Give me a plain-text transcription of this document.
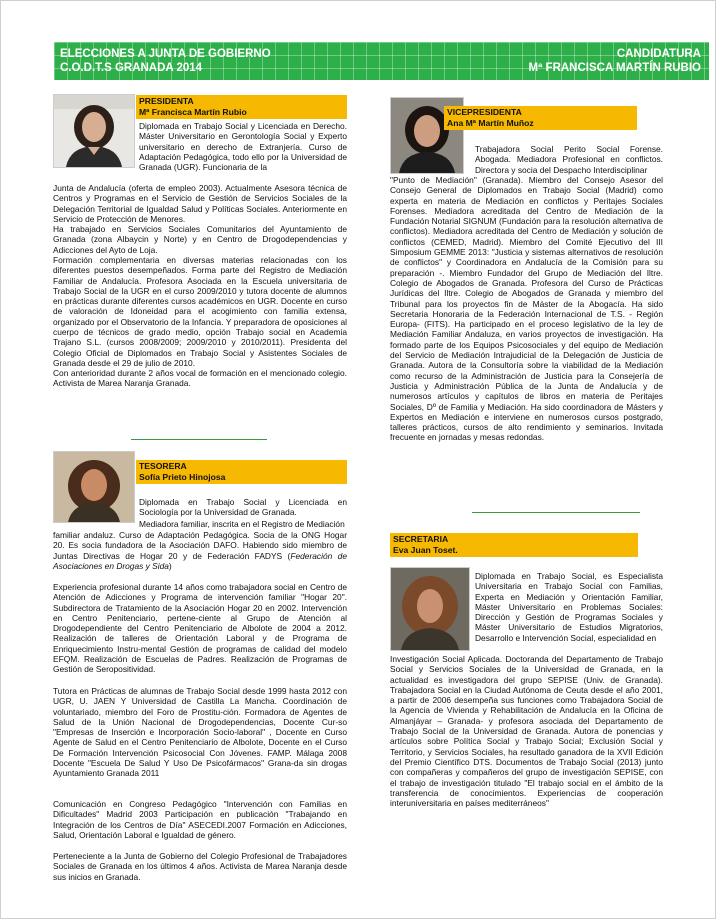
ELECCIONES A JUNTA DE GOBIERNO
C.O.D.T.S GRANADA 2014
CANDIDATURA
Mª FRANCISCA MARTÍN RUBIO
PRESIDENTA
Mª Francisca Martín Rubio

Diplomada en Trabajo Social y Licenciada en Derecho. Máster Universitario en Gerontología Social y Experto universitario en derecho de Extranjería. Curso de Adaptación Pedagógica, todo ello por la Universidad de Granada (UGR). Funcionaria de la

Junta de Andalucía (oferta de empleo 2003). Actualmente Asesora técnica de Centros y Programas en el Servicio de Gestión de Servicios Sociales de la Delegación Territorial de Igualdad Salud y Políticas Sociales. Anteriormente en Servicio de Protección de Menores.

Ha trabajado en Servicios Sociales Comunitarios del Ayuntamiento de Granada (zona Albaycin y Norte) y en Centro de Drogodependencias y Adicciones del Ayto de Loja.

Formación complementaria en diversas materias relacionadas con los diferentes puestos desempeñados. Forma parte del Registro de Mediación Familiar de Andalucía. Profesora Asociada en la Escuela universitaria de Trabajo Social de la UGR en el curso 2009/2010 y tutora docente de alumnos en prácticas durante diferentes cursos académicos en UGR. Docente en curso de valoración de Idoneidad para el acogimiento con familia extensa, organizado por el Observatorio de la Infancia. Y preparadora de oposiciones al cuerpo de técnicos de grado medio, opción Trabajo social en Academia Trajano S.L. (cursos 2008/2009; 2009/2010 y 2010/2011). Presidenta del Colegio Oficial de Diplomados en Trabajo Social y Asistentes Sociales de Granada desde el 29 de julio de 2010.

Con anterioridad durante 2 años vocal de formación en el mencionado colegio. Activista de Marea Naranja Granada.

TESORERA
Sofía Prieto Hinojosa

Diplomada en Trabajo Social y Licenciada en Sociología por la Universidad de Granada.

Mediadora familiar, inscrita en el Registro de Mediación

familiar andaluz. Curso de Adaptación Pedagógica. Socia de la ONG Hogar 20. Es socia fundadora de la Asociación DAFO. Habiendo sido miembro de Juntas Directivas de Hogar 20 y de Federación FADYS (Federación de Asociaciones en Drogas y Sida)

Experiencia profesional durante 14 años como trabajadora social en Centro de Atención de Adicciones y Programa de intervención familiar "Hogar 20". Subdirectora de Tratamiento de la Asociación Hogar 20 en 2002. Intervención en Centro Penitenciario, pertene-ciente al Grupo de Atención al Drogodependiente del Centro Penitenciario de Albolote de 2004 a 2012. Realización de talleres de Orientación Laboral y de Programa de Enriquecimiento Instru-mental Gestión de programas de calidad del modelo EFQM. Realización de Escuelas de Padres. Realización de Programas de Gestión de Seropositividad.

Tutora en Prácticas de alumnas de Trabajo Social desde 1999 hasta 2012 con UGR, U. JAEN Y Universidad de Castilla La Mancha. Coordinación de voluntariado, miembro del Foro de Prostitu-ción. Formadora de Agentes de Salud de la Unión Nacional de Drogodependencias, Docente Cur-so "Empresas de Inserción e Incorporación Socio-laboral" , Docente en Curso Agente de Salud en el Centro Penitenciario de Albolote, Docente en el Curso De Formación Intervención Psicosocial Con Jóvenes. FAMP. Málaga 2008 Docente "Escuela De Salud Y Uso De Psicofármacos" Grana-da sin drogas Ayuntamiento Granada 2011

Comunicación en Congreso Pedagógico "Intervención con Familias en Dificultades" Madrid 2003 Participación en publicación "Trabajando en Integración de los Centros de Día" ASECEDI.2007 Formación en Adicciones, Salud, Orientación Laboral e Igualdad de género.

Perteneciente a la Junta de Gobierno del Colegio Profesional de Trabajadores Sociales de Granada en los últimos 4 años. Activista de Marea Naranja desde sus inicios en Granada.

VICEPRESIDENTA
Ana Mª Martín Muñoz

Trabajadora Social Perito Social Forense. Abogada. Mediadora Profesional en conflictos. Directora y socia del Despacho Interdisciplinar

"Punto de Mediación" (Granada). Miembro del Consejo Asesor del Consejo General de Diplomados en Trabajo Social (Madrid) como experta en materia de Mediación en conflictos y Peritajes Sociales Forenses. Mediadora acreditada del Centro de Mediación de la Fundación Notarial SIGNUM (Fundación para la resolución alternativa de conflictos). Mediadora acreditada del Centro de Mediación y solución de conflictos (CEMED, Madrid). Miembro del Comité Ejecutivo del III Simposium GEMME 2013: "Justicia y sistemas alternativos de resolución de conflictos" y Coordinadora en Andalucía de la Comisión para su preparación -. Miembro Fundador del Grupo de Mediación del Iltre. Colegio de Abogados de Granada. Profesora del Curso de Prácticas Jurídicas del Iltre. Colegio de Abogados de Granada y miembro del Tribunal para los proyectos fin de Máster de la Abogacía. Ha sido Secretaria Honoraria de la Federación Internacional de T.S. - Región Europa- (FITS). Ha participado en el proceso legislativo de la ley de Mediación Familiar Andaluza, en varios proyectos de investigación. Ha formado parte de los Equipos Psicosociales y del equipo de Mediación del Servicio de Mediación Intrajudicial de la Delegación de Justicia de Granada. Autora de la Consultoría sobre la viabilidad de la Mediación como recurso de la Administración de Justicia para la Consejería de Justicia y Administración Pública de la Junta de Andalucía y de numerosos artículos y capítulos de libros en materia de Peritajes Sociales, Dº de Familia y Mediación. Ha sido coordinadora de Másters y Expertos en Mediación e interviene en numerosos cursos postgrado, talleres prácticos, cursos de alto rendimiento y seminarios. Invitada frecuente en jornadas y mesas redondas.

SECRETARIA
Eva Juan Toset.

Diplomada en Trabajo Social, es Especialista Universitaria en Trabajo Social con Familias, Experta en Mediación y Orientación Familiar, Máster Universitario en Problemas Sociales: Dirección y Gestión de Programas Sociales y Máster Universitario de Estudios Migratorios, Desarrollo e Intervención Social, especialidad en

Investigación Social Aplicada. Doctoranda del Departamento de Trabajo Social y Servicios Sociales de la Universidad de Granada, en la actualidad es investigadora del grupo SEPISE (Univ. de Granada). Trabajadora Social en la Ciudad Autónoma de Ceuta desde el año 2001, a partir de 2006 desempeña sus funciones como Trabajadora Social de la Agencia de Vivienda y Rehabilitación de Andalucía en la Oficina de Almanjáyar – Granada- y profesora asociada del Departamento de Trabajo Social de la Universidad de Granada. Autora de ponencias y artículos sobre Política Social y Trabajo Social; Exclusión Social y Territorio, y Servicios Sociales, ha resultado ganadora de la XVII Edición del Premio Científico DTS. Documentos de Trabajo Social (2013) junto con compañeras y compañeros del grupo de investigación SEPISE, con el trabajo de investigación titulado "El trabajo social en el ámbito de la transferencia de conocimientos. Experiencias de cooperación interuniversitaria en países mediterráneos"
